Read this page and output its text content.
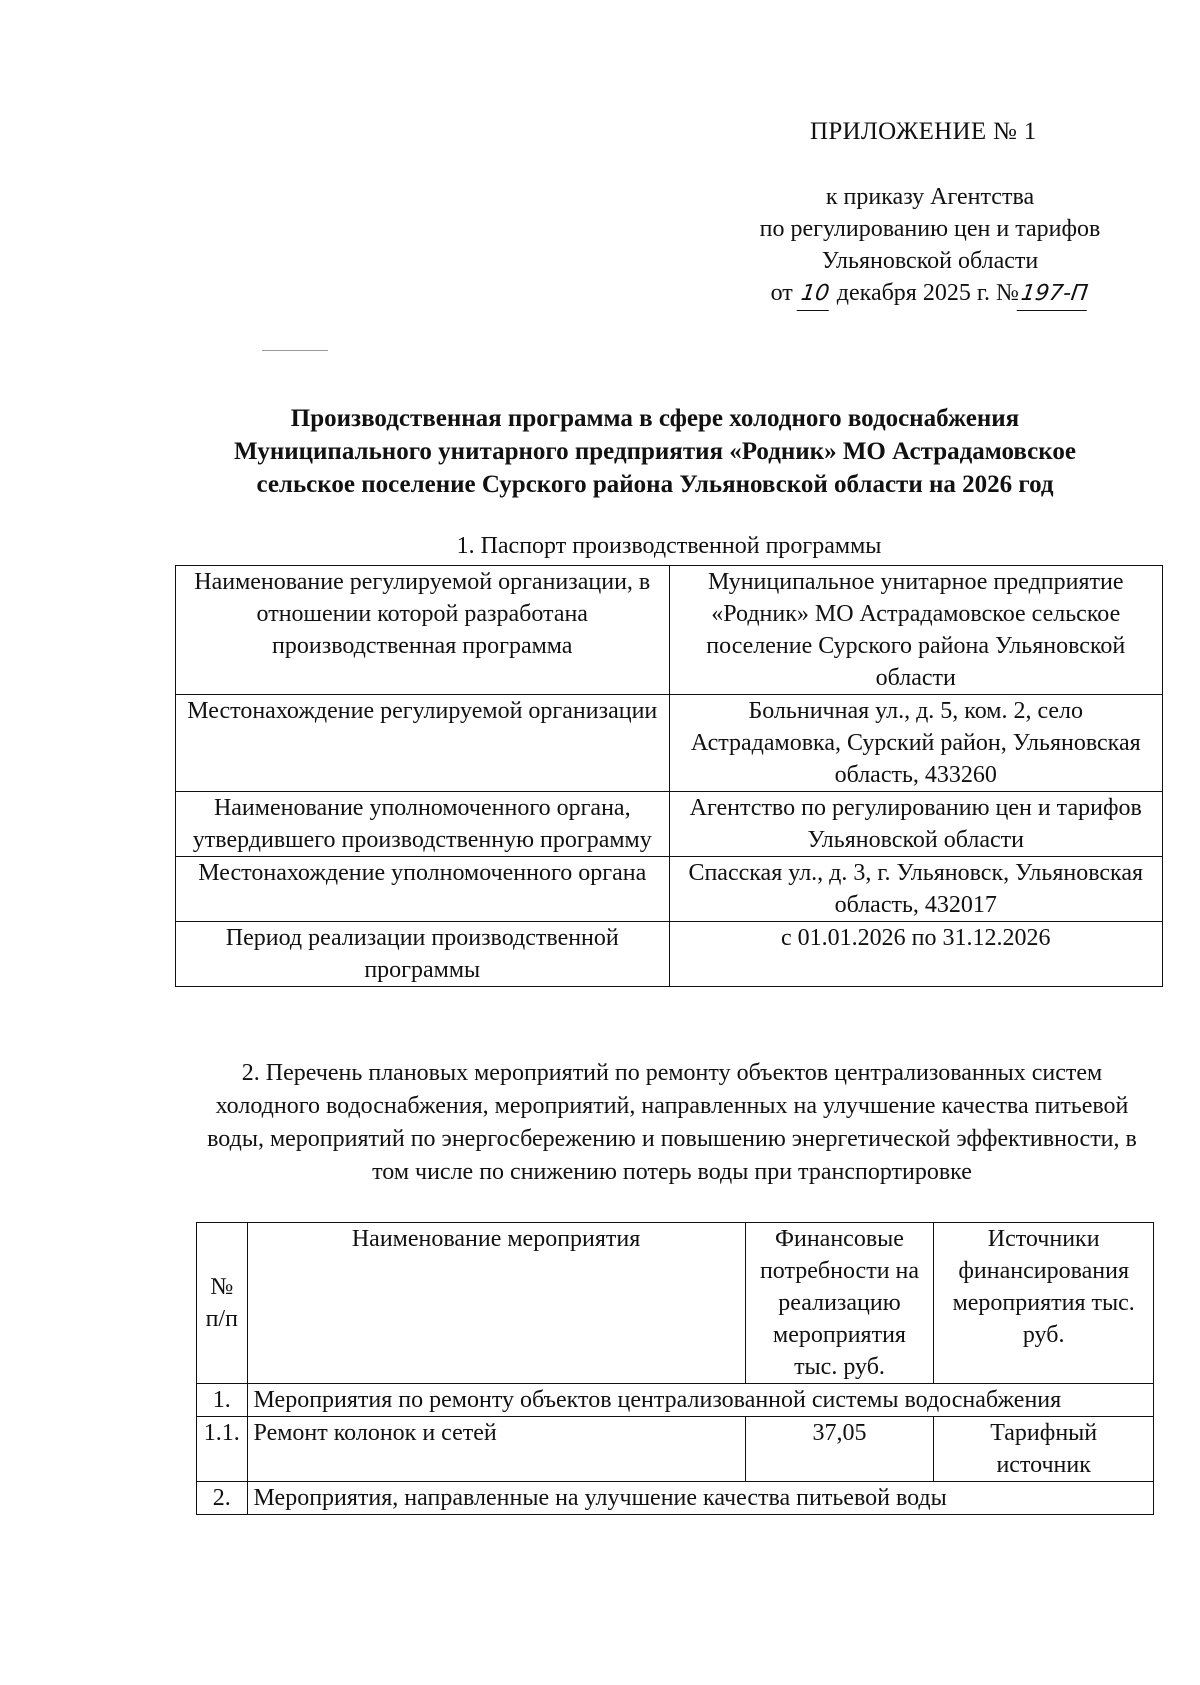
ПРИЛОЖЕНИЕ № 1
к приказу Агентства
по регулированию цен и тарифов
Ульяновской области
от 10 декабря 2025 г. №197-П
Производственная программа в сфере холодного водоснабжения
Муниципального унитарного предприятия «Родник» МО Астрадамовское
сельское поселение Сурского района Ульяновской области на 2026 год
1. Паспорт производственной программы
Наименование регулируемой организации, в отношении которой разработана производственная программа	Муниципальное унитарное предприятие «Родник» МО Астрадамовское сельское поселение Сурского района Ульяновской области
Местонахождение регулируемой организации	Больничная ул., д. 5, ком. 2, село Астрадамовка, Сурский район, Ульяновская область, 433260
Наименование уполномоченного органа, утвердившего производственную программу	Агентство по регулированию цен и тарифов Ульяновской области
Местонахождение уполномоченного органа	Спасская ул., д. 3, г. Ульяновск, Ульяновская область, 432017
Период реализации производственной программы	с 01.01.2026 по 31.12.2026
2. Перечень плановых мероприятий по ремонту объектов централизованных систем холодного водоснабжения, мероприятий, направленных на улучшение качества питьевой воды, мероприятий по энергосбережению и повышению энергетической эффективности, в том числе по снижению потерь воды при транспортировке
№ п/п	Наименование мероприятия	Финансовые потребности на реализацию мероприятия тыс. руб.	Источники финансирования мероприятия тыс. руб.
1.	Мероприятия по ремонту объектов централизованной системы водоснабжения		
1.1.	Ремонт колонок и сетей	37,05	Тарифный источник
2.	Мероприятия, направленные на улучшение качества питьевой воды		
